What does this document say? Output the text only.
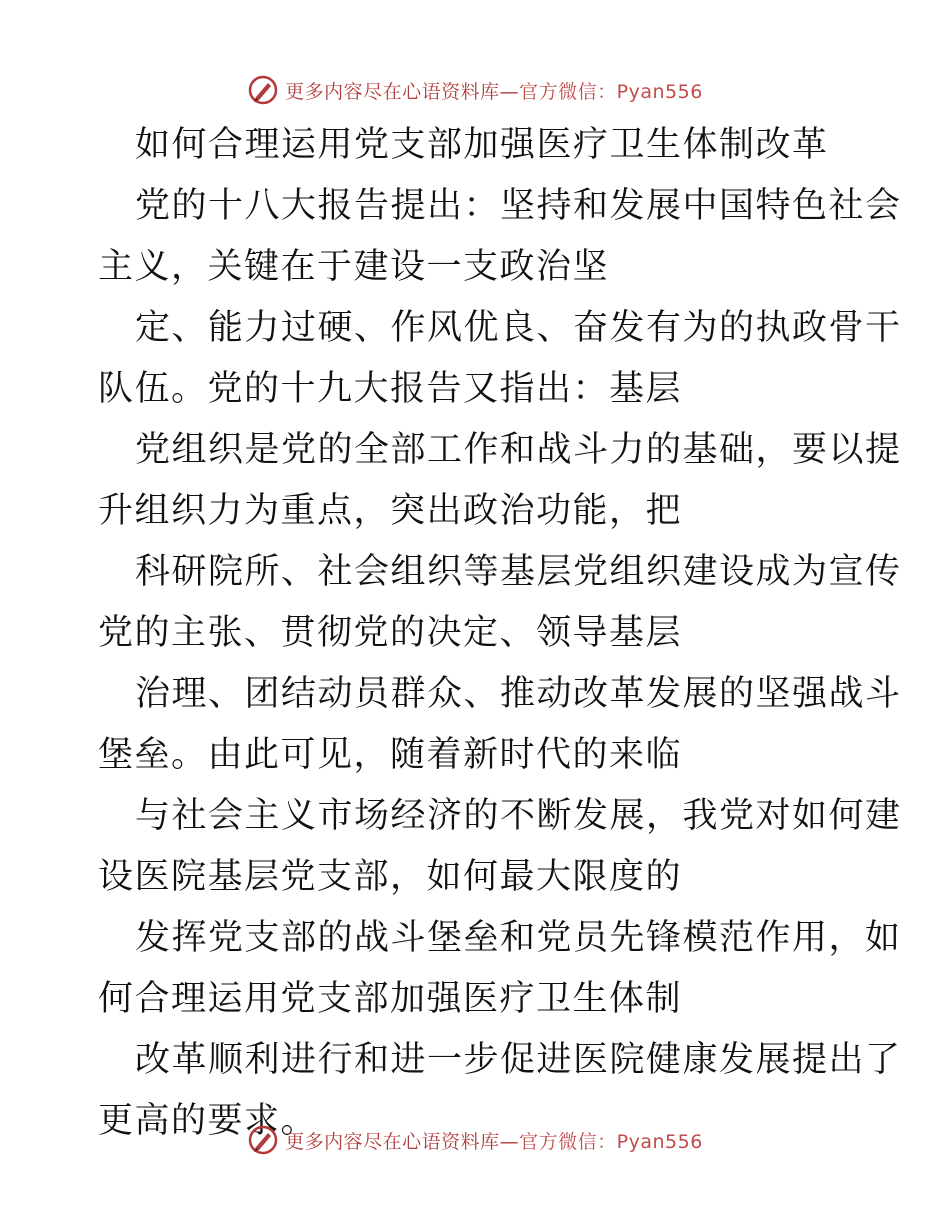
更多内容尽在心语资料库—官方微信：Pyan556
如何合理运用党支部加强医疗卫生体制改革
党的十八大报告提出：坚持和发展中国特色社会
主义，关键在于建设一支政治坚
定、能力过硬、作风优良、奋发有为的执政骨干
队伍。党的十九大报告又指出：基层
党组织是党的全部工作和战斗力的基础，要以提
升组织力为重点，突出政治功能，把
科研院所、社会组织等基层党组织建设成为宣传
党的主张、贯彻党的决定、领导基层
治理、团结动员群众、推动改革发展的坚强战斗
堡垒。由此可见，随着新时代的来临
与社会主义市场经济的不断发展，我党对如何建
设医院基层党支部，如何最大限度的
发挥党支部的战斗堡垒和党员先锋模范作用，如
何合理运用党支部加强医疗卫生体制
改革顺利进行和进一步促进医院健康发展提出了
更高的要求。
更多内容尽在心语资料库—官方微信：Pyan556
